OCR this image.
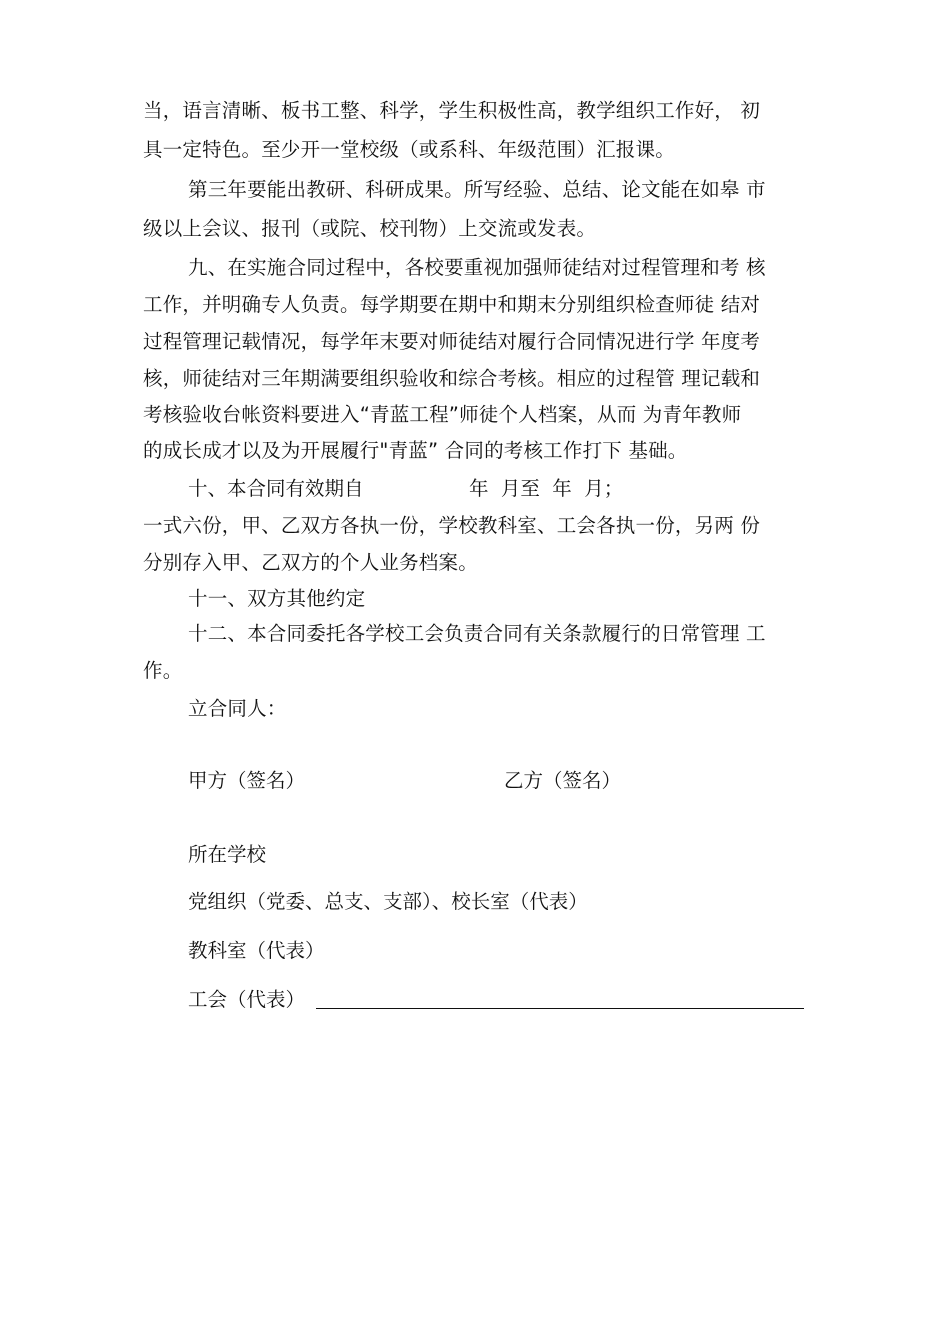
当，语言清晰、板书工整、科学，学生积极性高，教学组织工作好， 初
具一定特色。至少开一堂校级（或系科、年级范围）汇报课。
第三年要能出教研、科研成果。所写经验、总结、论文能在如皋 市
级以上会议、报刊（或院、校刊物）上交流或发表。
九、在实施合同过程中，各校要重视加强师徒结对过程管理和考 核
工作，并明确专人负责。每学期要在期中和期末分别组织检查师徒 结对
过程管理记载情况，每学年末要对师徒结对履行合同情况进行学 年度考
核，师徒结对三年期满要组织验收和综合考核。相应的过程管 理记载和
考核验收台帐资料要进入“青蓝工程”师徒个人档案，从而 为青年教师
的成长成才以及为开展履行"青蓝” 合同的考核工作打下 基础。
十、本合同有效期自	年  月至  年  月；
一式六份，甲、乙双方各执一份，学校教科室、工会各执一份，另两 份
分别存入甲、乙双方的个人业务档案。
十一、双方其他约定
十二、本合同委托各学校工会负责合同有关条款履行的日常管理 工
作。
立合同人：
甲方（签名）	乙方（签名）
所在学校
党组织（党委、总支、支部）、校长室（代表）
教科室（代表）
工会（代表）
